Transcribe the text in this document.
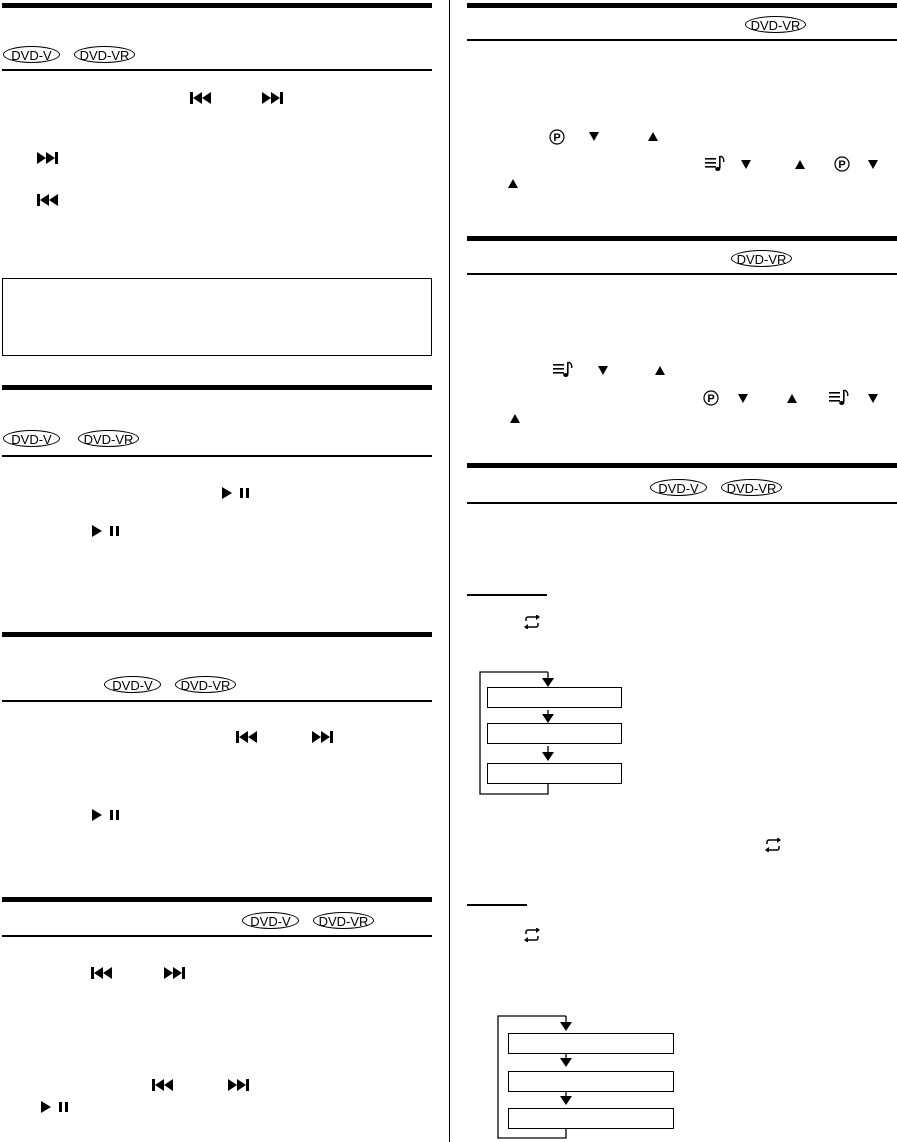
DVD-V	DVD-VR
DVD-V	DVD-VR
DVD-V	DVD-VR
DVD-V	DVD-VR
DVD-VR
P
P
DVD-VR
P
DVD-V	DVD-VR
